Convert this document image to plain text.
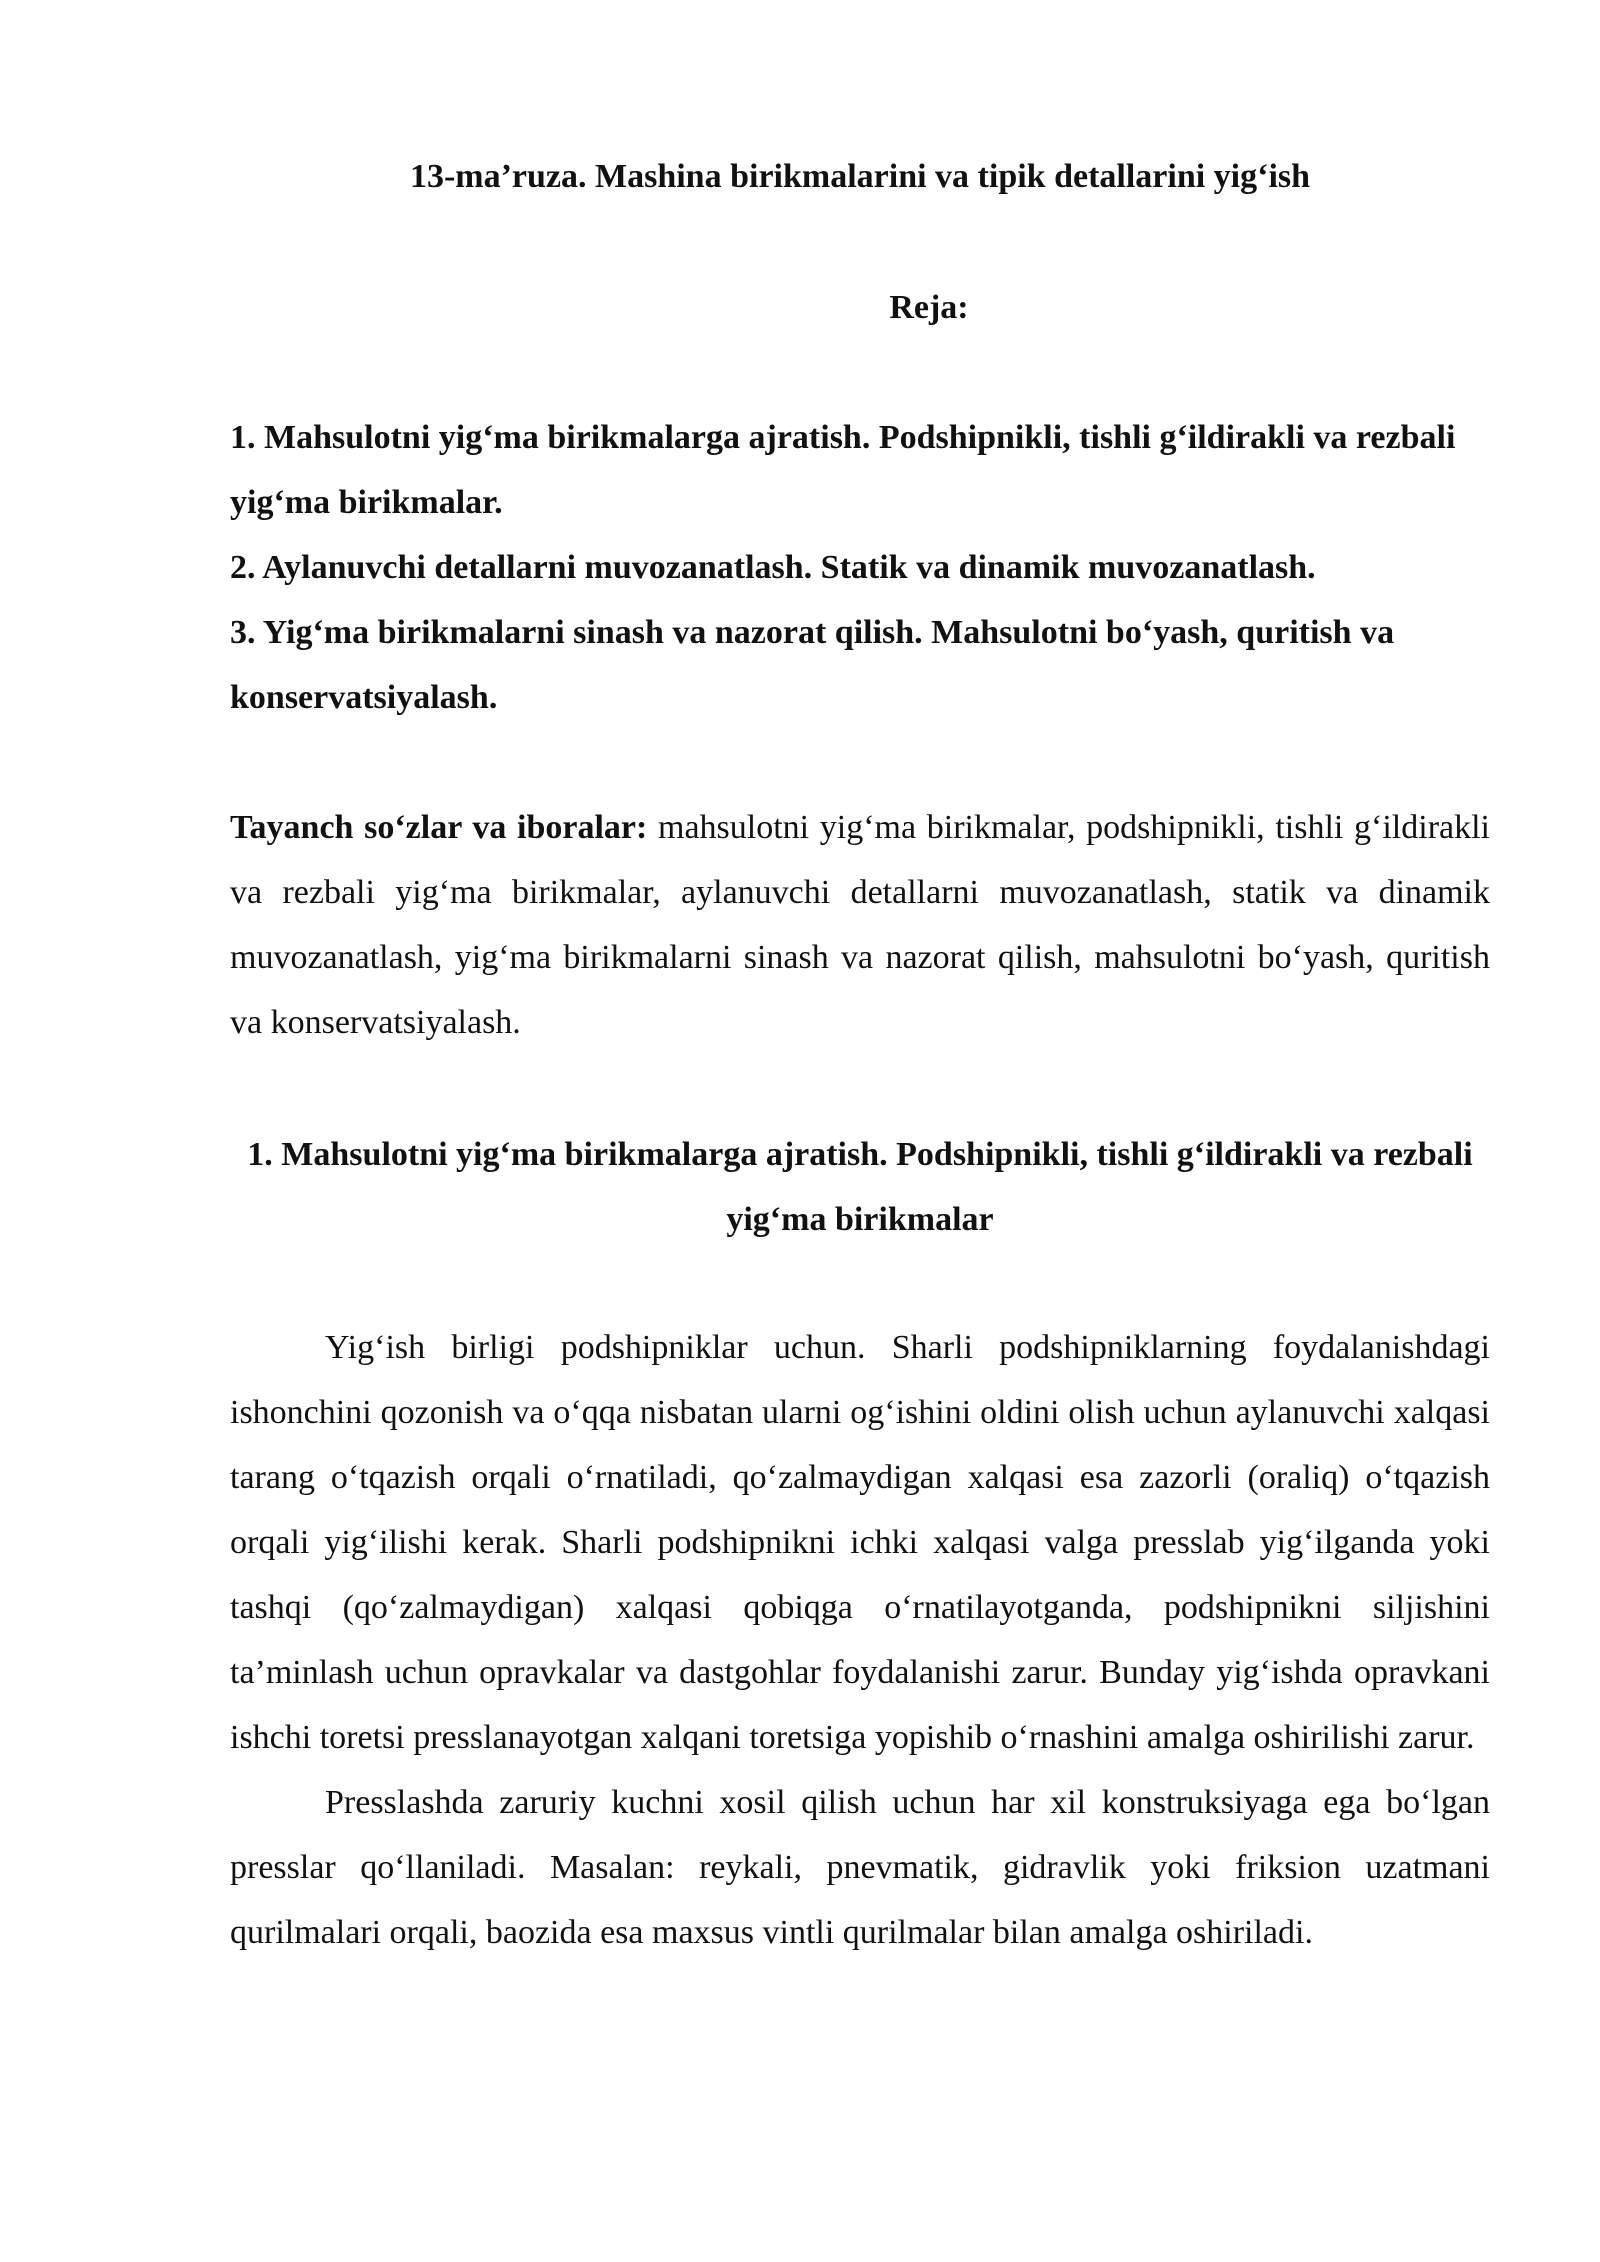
13-ma’ruza. Mashina birikmalarini va tipik detallarini yig‘ish
Reja:

1. Mahsulotni yig‘ma birikmalarga ajratish. Podshipnikli, tishli g‘ildirakli va rezbali yig‘ma birikmalar.

2. Aylanuvchi detallarni muvozanatlash. Statik va dinamik muvozanatlash.

3. Yig‘ma birikmalarni sinash va nazorat qilish. Mahsulotni bo‘yash, quritish va konservatsiyalash.

Tayanch so‘zlar va iboralar: mahsulotni yig‘ma birikmalar, podshipnikli, tishli g‘ildirakli va rezbali yig‘ma birikmalar, aylanuvchi detallarni muvozanatlash, statik va dinamik muvozanatlash, yig‘ma birikmalarni sinash va nazorat qilish, mahsulotni bo‘yash, quritish va konservatsiyalash.

1. Mahsulotni yig‘ma birikmalarga ajratish. Podshipnikli, tishli g‘ildirakli va rezbali yig‘ma birikmalar

Yig‘ish birligi podshipniklar uchun. Sharli podshipniklarning foydalanishdagi ishonchini qozonish va o‘qqa nisbatan ularni og‘ishini oldini olish uchun aylanuvchi xalqasi tarang o‘tqazish orqali o‘rnatiladi, qo‘zalmaydigan xalqasi esa zazorli (oraliq) o‘tqazish orqali yig‘ilishi kerak. Sharli podshipnikni ichki xalqasi valga presslab yig‘ilganda yoki tashqi (qo‘zalmaydigan) xalqasi qobiqga o‘rnatilayotganda, podshipnikni siljishini ta’minlash uchun opravkalar va dastgohlar foydalanishi zarur. Bunday yig‘ishda opravkani ishchi toretsi presslanayotgan xalqani toretsiga yopishib o‘rnashini amalga oshirilishi zarur.

Presslashda zaruriy kuchni xosil qilish uchun har xil konstruksiyaga ega bo‘lgan presslar qo‘llaniladi. Masalan: reykali, pnevmatik, gidravlik yoki friksion uzatmani qurilmalari orqali, baozida esa maxsus vintli qurilmalar bilan amalga oshiriladi.
